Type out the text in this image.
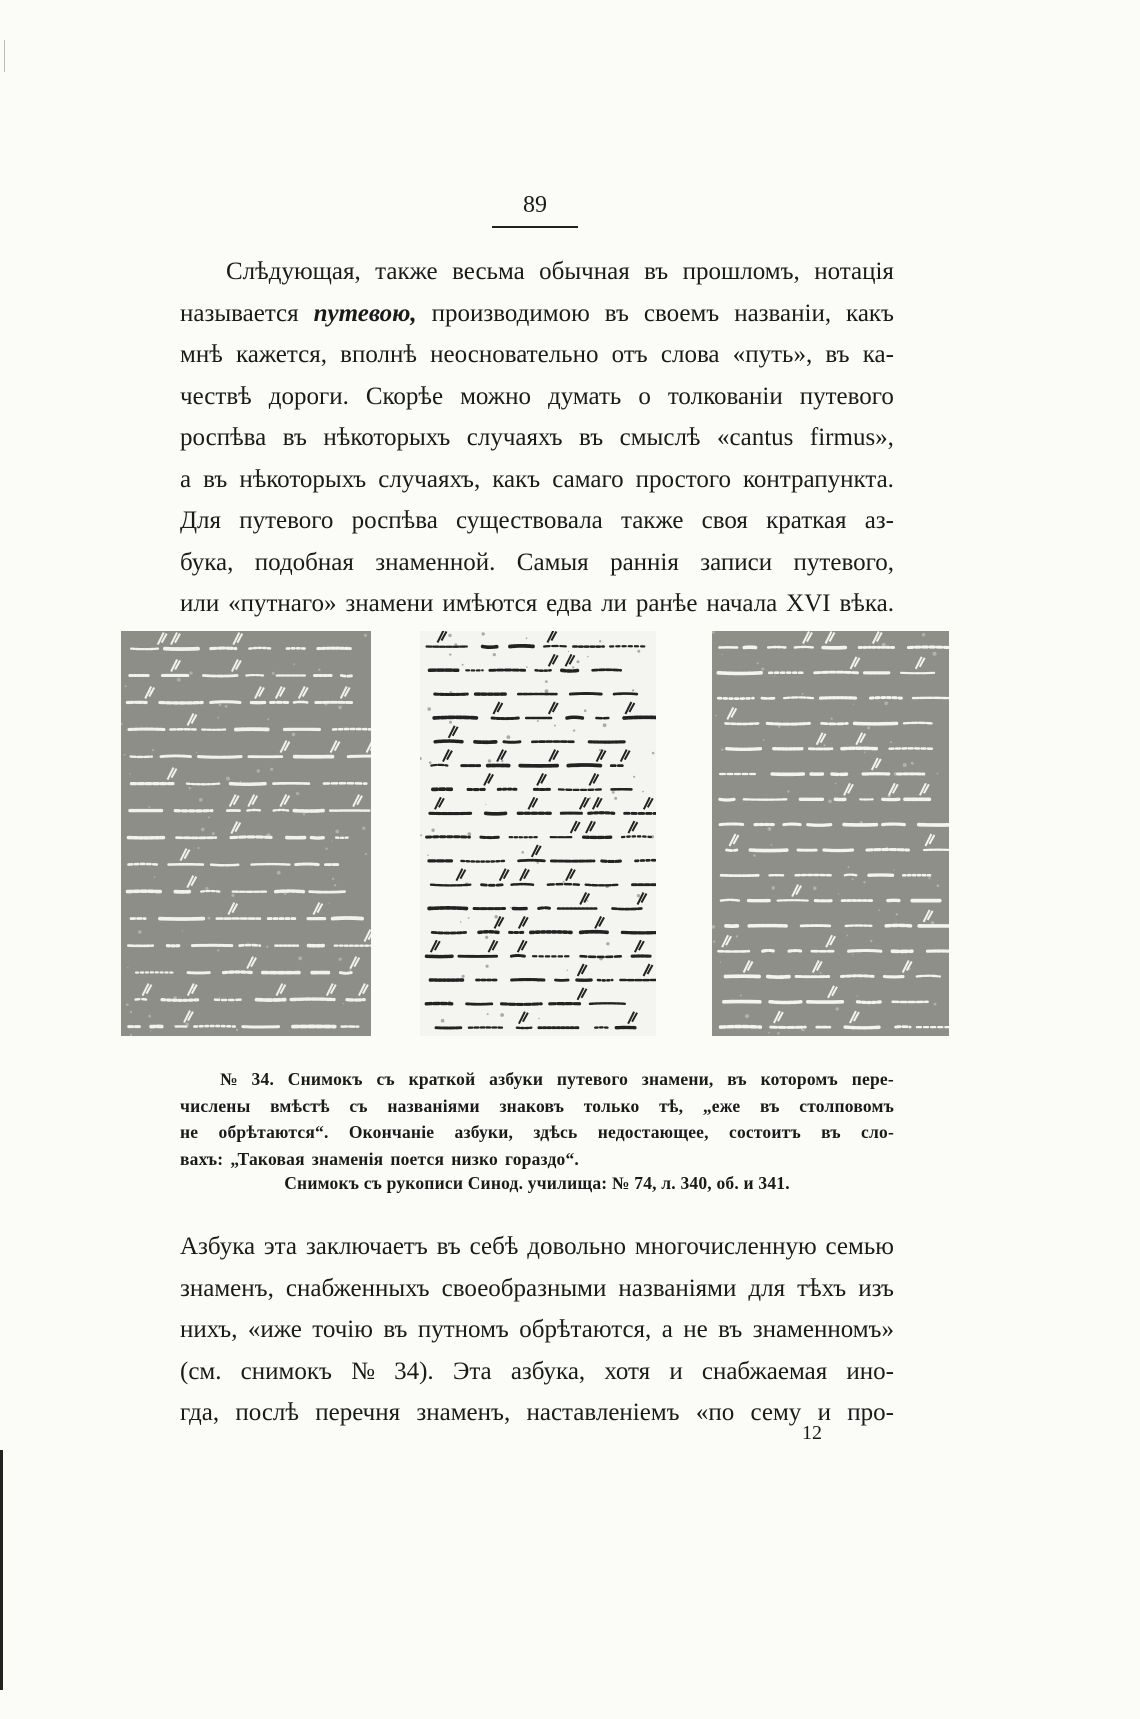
89
Слѣдующая, также весьма обычная въ прошломъ, нотація
называется путевою, производимою въ своемъ названіи, какъ
мнѣ кажется, вполнѣ неосновательно отъ слова «путь», въ ка-
чествѣ дороги. Скорѣе можно думать о толкованіи путевого
роспѣва въ нѣкоторыхъ случаяхъ въ смыслѣ «cantus firmus»,
а въ нѣкоторыхъ случаяхъ, какъ самаго простого контрапункта.
Для путевого роспѣва существовала также своя краткая аз-
бука, подобная знаменной. Самыя раннія записи путевого,
или «путнаго» знамени имѣются едва ли ранѣе начала XVI вѣка.
№ 34. Снимокъ съ краткой азбуки путевого знамени, въ которомъ пере-
числены вмѣстѣ съ названіями знаковъ только тѣ, „еже въ столповомъ
не обрѣтаются“. Окончаніе азбуки, здѣсь недостающее, состоитъ въ сло-
вахъ: „Таковая знаменія поется низко гораздо“.
Снимокъ съ рукописи Синод. училища: № 74, л. 340, об. и 341.
Азбука эта заключаетъ въ себѣ довольно многочисленную семью
знаменъ, снабженныхъ своеобразными названіями для тѣхъ изъ
нихъ, «иже точію въ путномъ обрѣтаются, а не въ знаменномъ»
(см. снимокъ № 34). Эта азбука, хотя и снабжаемая ино-
гда, послѣ перечня знаменъ, наставленіемъ «по сему и про-
12
